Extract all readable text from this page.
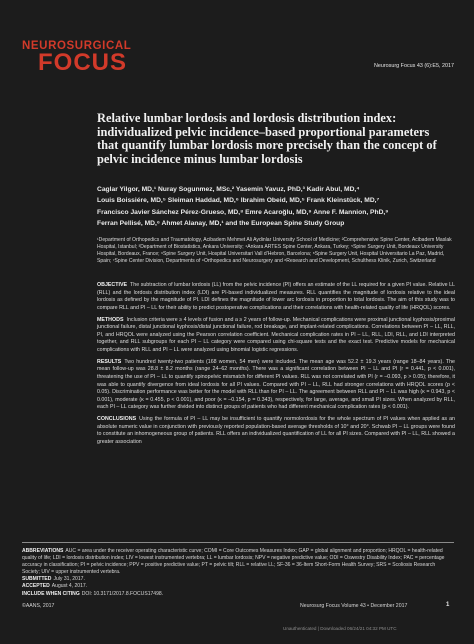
NEUROSURGICAL
FOCUS	Neurosurg Focus 43 (6):E5, 2017
Relative lumbar lordosis and lordosis distribution index: individualized pelvic incidence–based proportional parameters that quantify lumbar lordosis more precisely than the concept of pelvic incidence minus lumbar lordosis
Caglar Yilgor, MD,¹ Nuray Sogunmez, MSc,² Yasemin Yavuz, PhD,³ Kadir Abul, MD,⁴
Louis Boissiére, MD,⁵ Sleiman Haddad, MD,⁶ Ibrahim Obeid, MD,⁵ Frank Kleinstück, MD,⁷
Francisco Javier Sánchez Pérez-Grueso, MD,⁸ Emre Acaroğlu, MD,⁹ Anne F. Mannion, PhD,⁹
Ferran Pellisé, MD,⁶ Ahmet Alanay, MD,¹ and the European Spine Study Group

¹Department of Orthopedics and Traumatology, Acibadem Mehmet Ali Aydinlar University School of Medicine; ²Comprehensive Spine Center, Acibadem Maslak Hospital, Istanbul; ³Department of Biostatistics, Ankara University; ⁴Ankara ARTES Spine Center, Ankara, Turkey; ⁵Spine Surgery Unit, Bordeaux University Hospital, Bordeaux, France; ⁶Spine Surgery Unit, Hospital Universitari Vall d'Hebron, Barcelona; ⁸Spine Surgery Unit, Hospital Universitario La Paz, Madrid, Spain; ⁷Spine Center Division, Departments of ⁹Orthopedics and Neurosurgery and ⁸Research and Development, Schulthess Klinik, Zurich, Switzerland

OBJECTIVE The subtraction of lumbar lordosis (LL) from the pelvic incidence (PI) offers an estimate of the LL required for a given PI value. Relative LL (RLL) and the lordosis distribution index (LDI) are PI-based individualized measures. RLL quantifies the magnitude of lordosis relative to the ideal lordosis as defined by the magnitude of PI. LDI defines the magnitude of lower arc lordosis in proportion to total lordosis. The aim of this study was to compare RLL and PI – LL for their ability to predict postoperative complications and their correlations with health-related quality of life (HRQOL) scores.

METHODS Inclusion criteria were ≥ 4 levels of fusion and a ≥ 2 years of follow-up. Mechanical complications were proximal junctional kyphosis/proximal junctional failure, distal junctional kyphosis/distal junctional failure, rod breakage, and implant-related complications. Correlations between PI – LL, RLL, PI, and HRQOL were analyzed using the Pearson correlation coefficient. Mechanical complication rates in PI – LL, RLL, LDI, RLL, and LDI interpreted together, and RLL subgroups for each PI – LL category were compared using chi-square tests and the exact test. Predictive models for mechanical complications with RLL and PI – LL were analyzed using binomial logistic regressions.

RESULTS Two hundred twenty-two patients (168 women, 54 men) were included. The mean age was 52.2 ± 19.3 years (range 18–84 years). The mean follow-up was 28.8 ± 8.2 months (range 24–62 months). There was a significant correlation between PI – LL and PI (r = 0.441, p < 0.001), threatening the use of PI – LL to quantify spinopelvic mismatch for different PI values. RLL was not correlated with PI (r = –0.093, p > 0.05); therefore, it was able to quantify divergence from ideal lordosis for all PI values. Compared with PI – LL, RLL had stronger correlations with HRQOL scores (p < 0.05). Discrimination performance was better for the model with RLL than for PI – LL. The agreement between RLL and PI – LL was high (κ = 0.943, p < 0.001), moderate (κ = 0.455, p < 0.001), and poor (κ = –0.154, p = 0.343), respectively, for large, average, and small PI sizes. When analyzed by RLL, each PI – LL category was further divided into distinct groups of patients who had different mechanical complication rates (p < 0.001).

CONCLUSIONS Using the formula of PI – LL may be insufficient to quantify normolordosis for the whole spectrum of PI values when applied as an absolute numeric value in conjunction with previously reported population-based average thresholds of 10° and 20°. Schwab PI – LL groups were found to constitute an inhomogeneous group of patients. RLL offers an individualized quantification of LL for all PI sizes. Compared with PI – LL, RLL showed a greater association

ABBREVIATIONS AUC = area under the receiver operating characteristic curve; COMI = Core Outcomes Measures Index; GAP = global alignment and proportion; HRQOL = health-related quality of life; LDI = lordosis distribution index; LIV = lowest instrumented vertebra; LL = lumbar lordosis; NPV = negative predictive value; ODI = Oswestry Disability Index; PAC = percentage accuracy in classification; PI = pelvic incidence; PPV = positive predictive value; PT = pelvic tilt; RLL = relative LL; SF-36 = 36-Item Short-Form Health Survey; SRS = Scoliosis Research Society; UIV = upper instrumented vertebra.

SUBMITTED July 31, 2017.

ACCEPTED August 4, 2017.

INCLUDE WHEN CITING DOI: 10.3171/2017.8.FOCUS17498.

©AANS, 2017	Neurosurg Focus Volume 43 • December 2017	1
Unauthenticated | Downloaded 06/24/21 04:32 PM UTC
